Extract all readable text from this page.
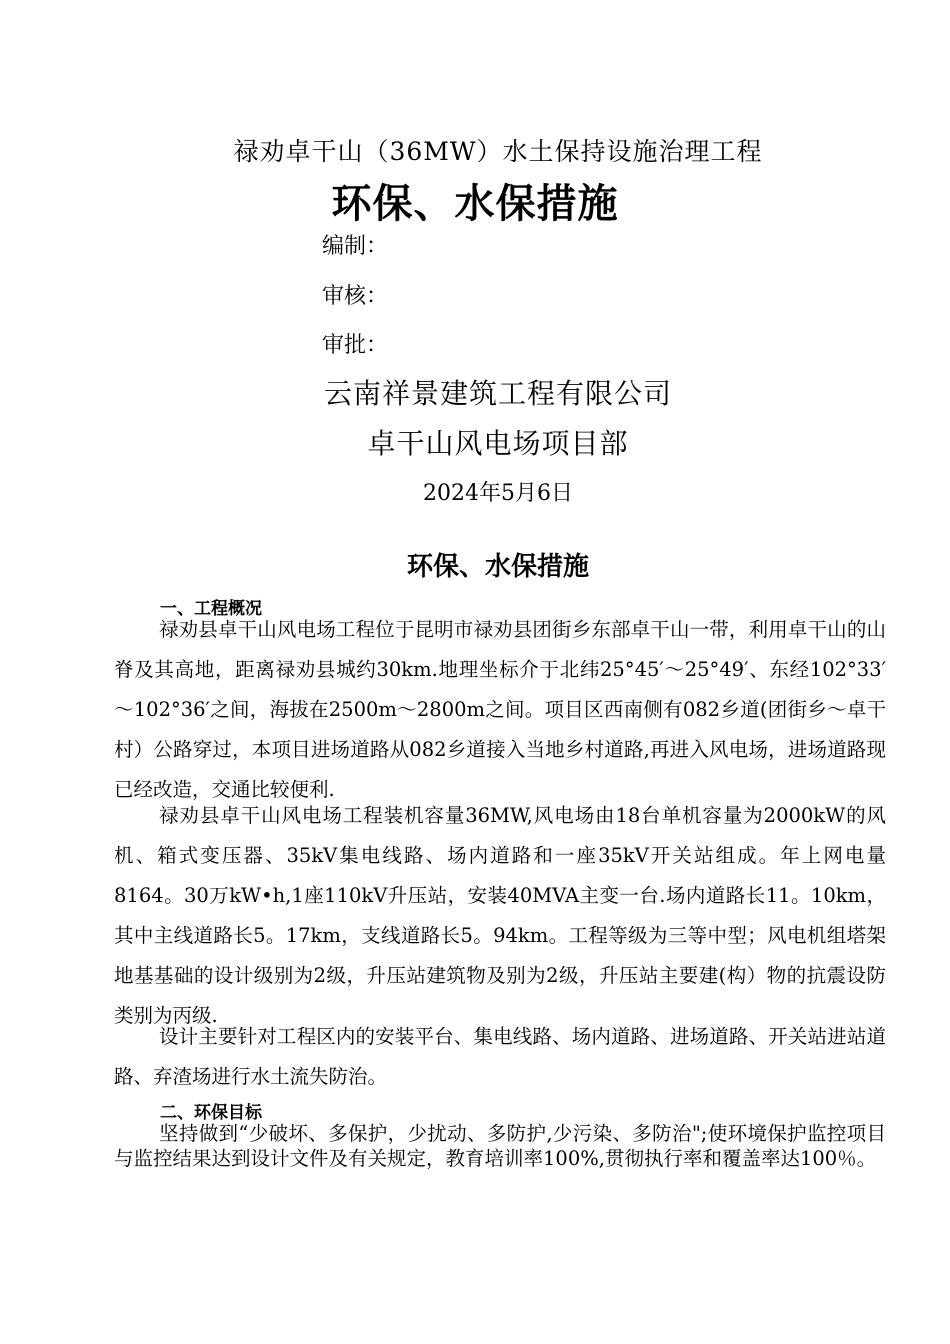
禄劝卓干山（36MW）水土保持设施治理工程
环保、水保措施
编制：
审核：
审批：
云南祥景建筑工程有限公司
卓干山风电场项目部
2024年5月6日
环保、水保措施
一、工程概况
禄劝县卓干山风电场工程位于昆明市禄劝县团街乡东部卓干山一带，利用卓干山的山脊及其高地，距离禄劝县城约30km.地理坐标介于北纬25°45′～25°49′、东经102°33′～102°36′之间，海拔在2500m～2800m之间。项目区西南侧有082乡道(团街乡～卓干村）公路穿过，本项目进场道路从082乡道接入当地乡村道路,再进入风电场，进场道路现已经改造，交通比较便利.
禄劝县卓干山风电场工程装机容量36MW,风电场由18台单机容量为2000kW的风机、箱式变压器、35kV集电线路、场内道路和一座35kV开关站组成。年上网电量8164。30万kW•h,1座110kV升压站，安装40MVA主变一台.场内道路长11。10km，其中主线道路长5。17km，支线道路长5。94km。工程等级为三等中型；风电机组塔架地基基础的设计级别为2级，升压站建筑物及别为2级，升压站主要建(构）物的抗震设防类别为丙级.
设计主要针对工程区内的安装平台、集电线路、场内道路、进场道路、开关站进站道路、弃渣场进行水土流失防治。
二、环保目标
坚持做到“少破坏、多保护，少扰动、多防护,少污染、多防治";使环境保护监控项目与监控结果达到设计文件及有关规定，教育培训率100%,贯彻执行率和覆盖率达100％。
